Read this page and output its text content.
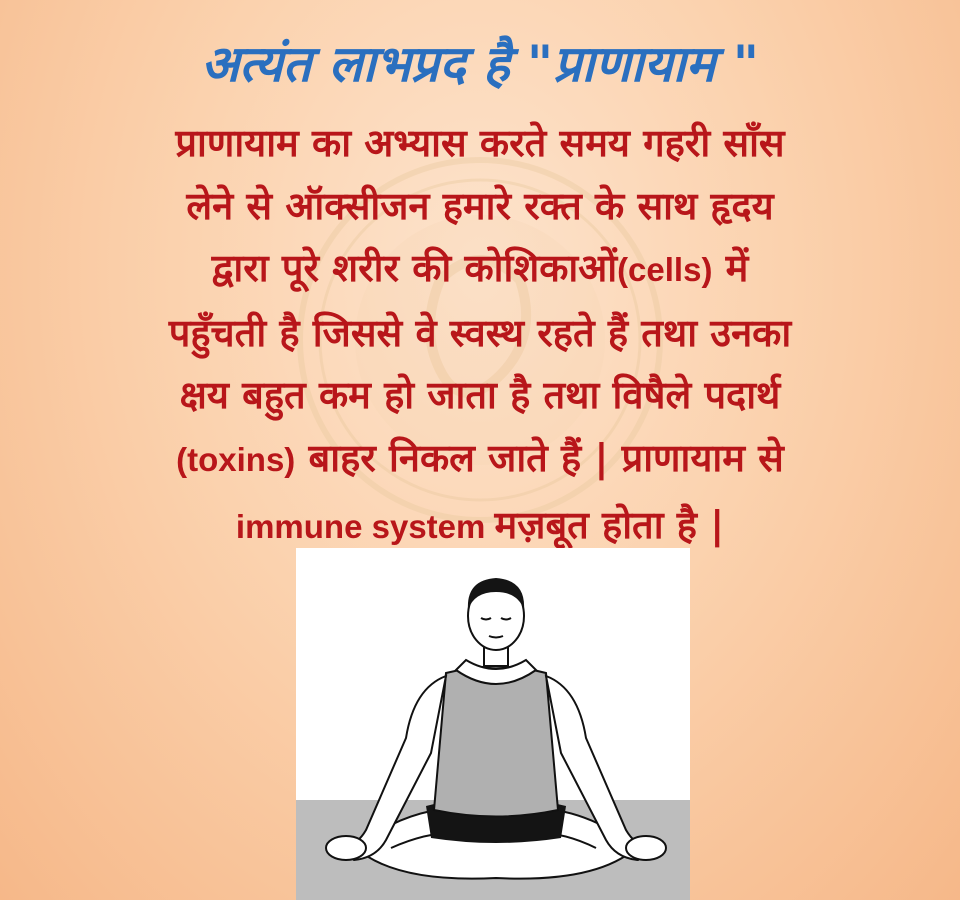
अत्यंत लाभप्रद है "प्राणायाम "
प्राणायाम का अभ्यास करते समय गहरी साँस
लेने से ऑक्सीजन हमारे रक्त के साथ हृदय
द्वारा पूरे शरीर की कोशिकाओं(cells) में
पहुँचती है जिससे वे स्वस्थ रहते हैं तथा उनका
क्षय बहुत कम हो जाता है तथा विषैले पदार्थ
(toxins) बाहर निकल जाते हैं | प्राणायाम से
immune system मज़बूत होता है |
